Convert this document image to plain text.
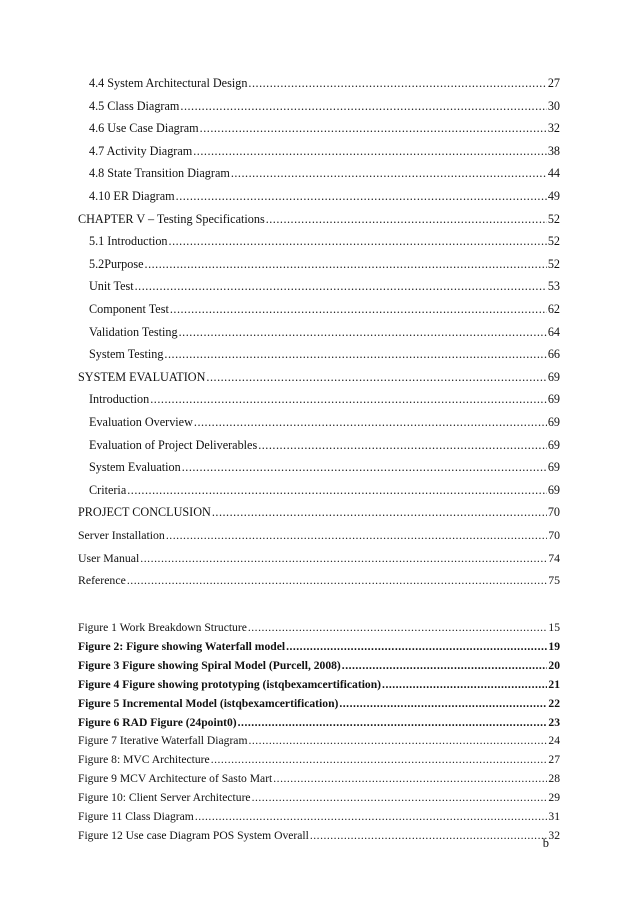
4.4 System Architectural Design .....	27
4.5 Class Diagram .....	30
4.6 Use Case Diagram .....	32
4.7 Activity Diagram .....	38
4.8 State Transition Diagram .....	44
4.10 ER Diagram .....	49
CHAPTER V – Testing Specifications .....	52
5.1 Introduction .....	52
5.2Purpose .....	52
Unit Test .....	53
Component Test .....	62
Validation Testing .....	64
System Testing .....	66
SYSTEM EVALUATION .....	69
Introduction .....	69
Evaluation Overview .....	69
Evaluation of Project Deliverables .....	69
System Evaluation .....	69
Criteria .....	69
PROJECT CONCLUSION .....	70
Server Installation .....	70
User Manual .....	74
Reference .....	75
Figure 1 Work Breakdown Structure .....	15
Figure 2: Figure showing Waterfall model .....	19
Figure 3 Figure showing Spiral Model (Purcell, 2008) .....	20
Figure 4 Figure showing prototyping (istqbexamcertification) .....	21
Figure 5 Incremental Model (istqbexamcertification) .....	22
Figure 6 RAD Figure (24point0) .....	23
Figure 7 Iterative Waterfall Diagram .....	24
Figure 8: MVC Architecture .....	27
Figure 9 MCV Architecture of Sasto Mart .....	28
Figure 10: Client Server Architecture .....	29
Figure 11 Class Diagram .....	31
Figure 12 Use case Diagram POS System Overall .....	32
b
